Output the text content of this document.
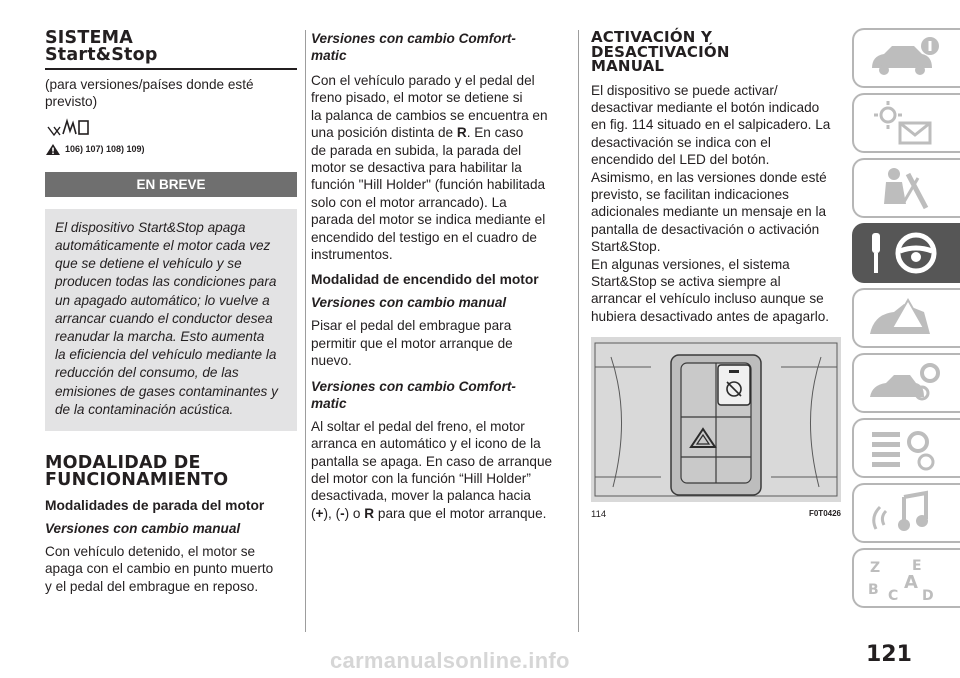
SISTEMA

Start&Stop

(para versiones/países donde esté

previsto)

106) 107) 108) 109)
EN BREVE

El dispositivo Start&Stop apaga

automáticamente el motor cada vez

que se detiene el vehículo y se

producen todas las condiciones para

un apagado automático; lo vuelve a

arrancar cuando el conductor desea

reanudar la marcha. Esto aumenta

la eficiencia del vehículo mediante la

reducción del consumo, de las

emisiones de gases contaminantes y

de la contaminación acústica.

MODALIDAD DE

FUNCIONAMIENTO

Modalidades de parada del motor

Versiones con cambio manual

Con vehículo detenido, el motor se

apaga con el cambio en punto muerto

y el pedal del embrague en reposo.

Versiones con cambio Comfort-

matic

Con el vehículo parado y el pedal del

freno pisado, el motor se detiene si

la palanca de cambios se encuentra en

una posición distinta de R. En caso

de parada en subida, la parada del

motor se desactiva para habilitar la

función "Hill Holder" (función habilitada

solo con el motor arrancado). La

parada del motor se indica mediante el

encendido del testigo en el cuadro de

instrumentos.

Modalidad de encendido del motor

Versiones con cambio manual

Pisar el pedal del embrague para

permitir que el motor arranque de

nuevo.

Versiones con cambio Comfort-

matic

Al soltar el pedal del freno, el motor

arranca en automático y el icono de la

pantalla se apaga. En caso de arranque

del motor con la función “Hill Holder”

desactivada, mover la palanca hacia

(+), (-) o R para que el motor arranque.

ACTIVACIÓN Y

DESACTIVACIÓN

MANUAL

El dispositivo se puede activar/

desactivar mediante el botón indicado

en fig. 114 situado en el salpicadero. La

desactivación se indica con el

encendido del LED del botón.

Asimismo, en las versiones donde esté

previsto, se facilitan indicaciones

adicionales mediante un mensaje en la

pantalla de desactivación o activación

Start&Stop.

En algunas versiones, el sistema

Start&Stop se activa siempre al

arrancar el vehículo incluso aunque se

hubiera desactivado antes de apagarlo.

114	F0T0426
Z E
B C
A
D
121
carmanualsonline.info
